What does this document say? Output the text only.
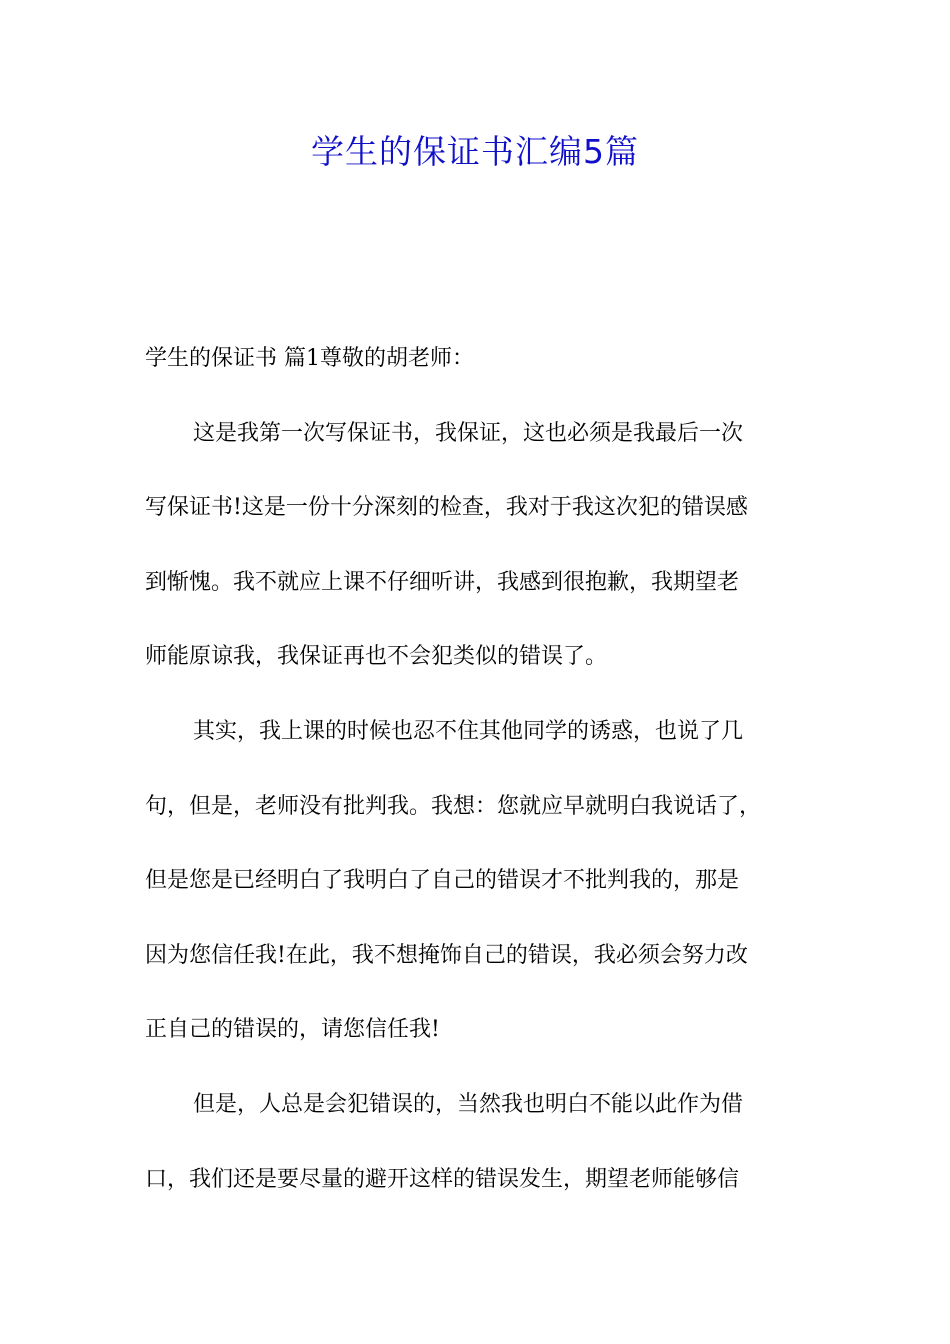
学生的保证书汇编5篇
学生的保证书 篇1尊敬的胡老师：
这是我第一次写保证书，我保证，这也必须是我最后一次
写保证书!这是一份十分深刻的检查，我对于我这次犯的错误感
到惭愧。我不就应上课不仔细听讲，我感到很抱歉，我期望老
师能原谅我，我保证再也不会犯类似的错误了。
其实，我上课的时候也忍不住其他同学的诱惑，也说了几
句，但是，老师没有批判我。我想：您就应早就明白我说话了，
但是您是已经明白了我明白了自己的错误才不批判我的，那是
因为您信任我!在此，我不想掩饰自己的错误，我必须会努力改
正自己的错误的，请您信任我!
但是，人总是会犯错误的，当然我也明白不能以此作为借
口，我们还是要尽量的避开这样的错误发生，期望老师能够信
